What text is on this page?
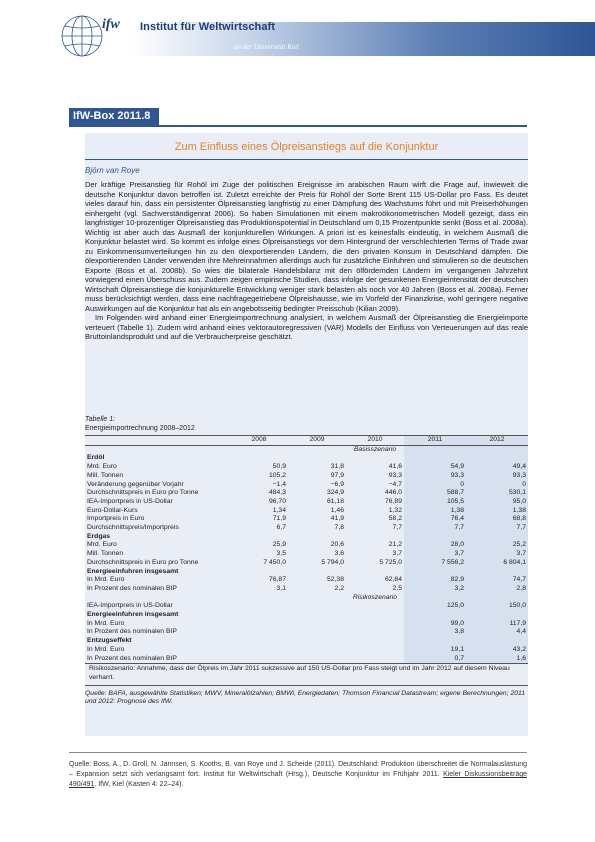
ifw Institut für Weltwirtschaft
an der Universität Kiel
IfW-Box 2011.8
Zum Einfluss eines Ölpreisanstiegs auf die Konjunktur
Björn van Roye

Der kräftige Preisanstieg für Rohöl im Zuge der politischen Ereignisse im arabischen Raum wirft die Frage auf, inwieweit die deutsche Konjunktur davon betroffen ist. Zuletzt erreichte der Preis für Rohöl der Sorte Brent 115 US-Dollar pro Fass. Es deutet vieles darauf hin, dass ein persistenter Ölpreisanstieg langfristig zu einer Dämpfung des Wachstums führt und mit Preiserhöhungen einhergeht (vgl. Sachverständigenrat 2006). So haben Simulationen mit einem makroökonometrischen Modell gezeigt, dass ein langfristiger 10-prozentiger Ölpreisanstieg das Produktionspotential in Deutschland um 0,15 Prozentpunkte senkt (Boss et al. 2008a). Wichtig ist aber auch das Ausmaß der konjunkturellen Wirkungen. A priori ist es keinesfalls eindeutig, in welchem Ausmaß die Konjunktur belastet wird. So kommt es infolge eines Ölpreisanstiegs vor dem Hintergrund der verschlechterten Terms of Trade zwar zu Einkommensumverteilungen hin zu den ölexportierenden Ländern, die den privaten Konsum in Deutschland dämpfen. Die ölexportierenden Länder verwenden ihre Mehreinnahmen allerdings auch für zusätzliche Einfuhren und stimulieren so die deutschen Exporte (Boss et al. 2008b). So wies die bilaterale Handelsbilanz mit den ölfördernden Ländern im vergangenen Jahrzehnt vorwiegend einen Überschuss aus. Zudem zeigen empirische Studien, dass infolge der gesunkenen Energieintensität der deutschen Wirtschaft Ölpreisanstiege die konjunkturelle Entwicklung weniger stark belasten als noch vor 40 Jahren (Boss et al. 2008a). Ferner muss berücksichtigt werden, dass eine nachfragegetriebene Ölpreishausse, wie im Vorfeld der Finanzkrise, wohl geringere negative Auswirkungen auf die Konjunktur hat als ein angebotsseitig bedingter Preisschub (Kilian 2009).

Im Folgenden wird anhand einer Energieimportrechnung analysiert, in welchem Ausmaß der Ölpreisanstieg die Energieimporte verteuert (Tabelle 1). Zudem wird anhand eines vektorautoregressiven (VAR) Modells der Einfluss von Verteuerungen auf das reale Bruttoinlandsprodukt und auf die Verbraucherpreise geschätzt.

Tabelle 1:
Energieimportrechnung 2008–2012
	2008	2009	2010	2011	2012
			Basisszenario		
Erdöl					
Mrd. Euro	50,9	31,8	41,6	54,9	49,4
Mill. Tonnen	105,2	97,9	93,3	93,3	93,3
Veränderung gegenüber Vorjahr	−1,4	−6,9	−4,7	0	0
Durchschnittspreis in Euro pro Tonne	484,3	324,9	446,0	588,7	530,1
IEA-Importpreis in US-Dollar	96,70	61,18	76,89	105,5	95,0
Euro-Dollar-Kurs	1,34	1,46	1,32	1,38	1,38
Importpreis in Euro	71,9	41,9	58,2	76,4	68,8
Durchschnittspreis/Importpreis	6,7	7,8	7,7	7,7	7,7
Erdgas					
Mrd. Euro	25,9	20,6	21,2	28,0	25,2
Mill. Tonnen	3,5	3,6	3,7	3,7	3,7
Durchschnittspreis in Euro pro Tonne	7 450,0	5 794,0	5 725,0	7 556,2	6 804,1
Energieeinfuhren insgesamt					
In Mrd. Euro	76,87	52,38	62,84	82,9	74,7
In Prozent des nominalen BIP	3,1	2,2	2,5	3,2	2,8
			Risikoszenario		
IEA-Importpreis in US-Dollar				125,0	150,0
Energieeinfuhren insgesamt					
In Mrd. Euro				99,0	117,9
In Prozent des nominalen BIP				3,8	4,4
Entzugseffekt					
In Mrd. Euro				19,1	43,2
In Prozent des nominalen BIP				0,7	1,6
Risikoszenario: Annahme, dass der Ölpreis im Jahr 2011 sukzessive auf 150 US-Dollar pro Fass steigt und im Jahr 2012 auf diesem Niveau verharrt.
Quelle: BAFA, ausgewählte Statistiken; MWV, Mineralölzahlen; BMWi, Energiedaten; Thomson Financial Datastream; eigene Berechnungen; 2011 und 2012: Prognose des IfW.
Quelle: Boss, A., D. Groll, N. Jannsen, S. Kooths, B. van Roye und J. Scheide (2011). Deutschland: Produktion überschreitet die Normalauslastung – Expansion setzt sich verlangsamt fort. Institut für Weltwirtschaft (Hrsg.), Deutsche Konjunktur im Frühjahr 2011. Kieler Diskussionsbeiträge 490/491. IfW, Kiel (Kasten 4: 22–24).
